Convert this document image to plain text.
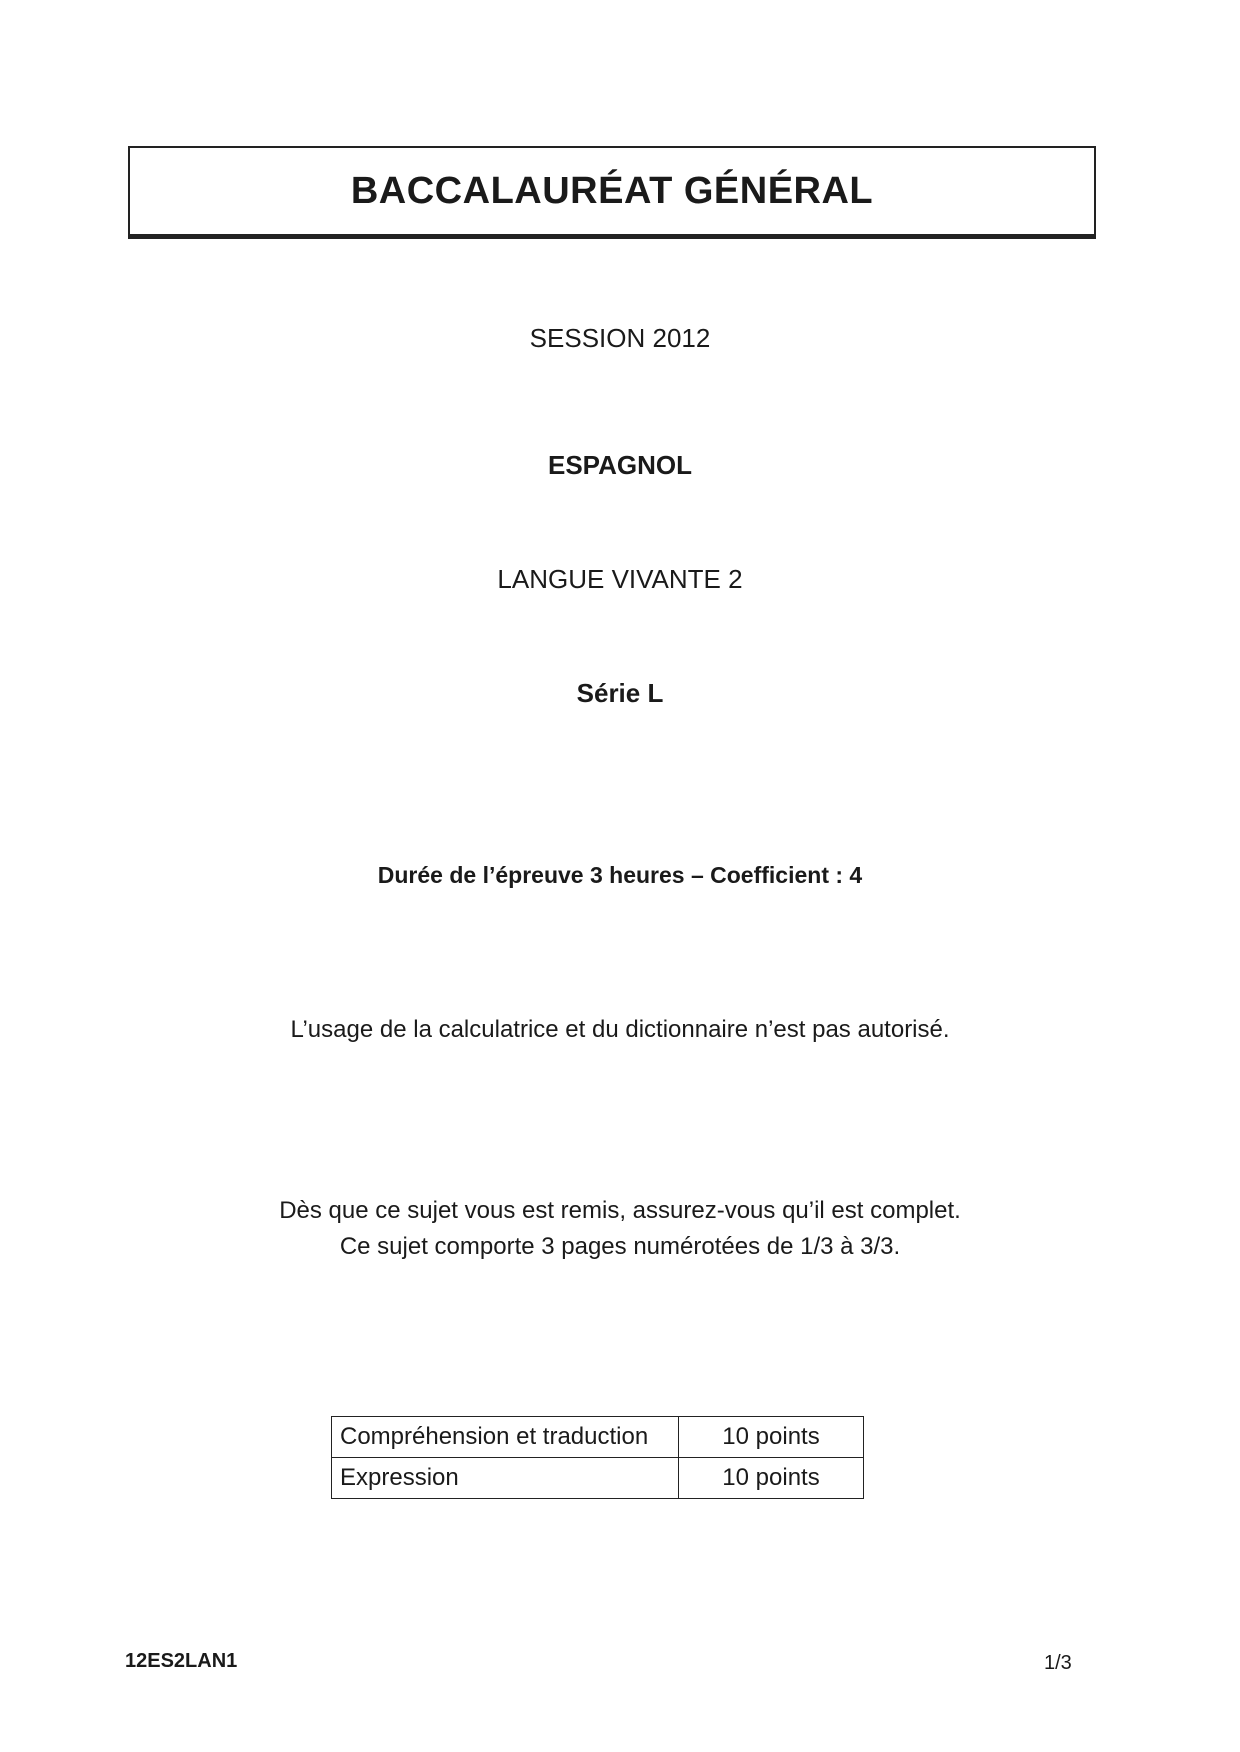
BACCALAURÉAT GÉNÉRAL
SESSION 2012
ESPAGNOL
LANGUE VIVANTE 2
Série L
Durée de l’épreuve 3 heures – Coefficient : 4
L’usage de la calculatrice et du dictionnaire n’est pas autorisé.
Dès que ce sujet vous est remis, assurez-vous qu’il est complet.
Ce sujet comporte 3 pages numérotées de 1/3 à 3/3.
Compréhension et traduction	10 points
Expression	10 points
12ES2LAN1	1/3
